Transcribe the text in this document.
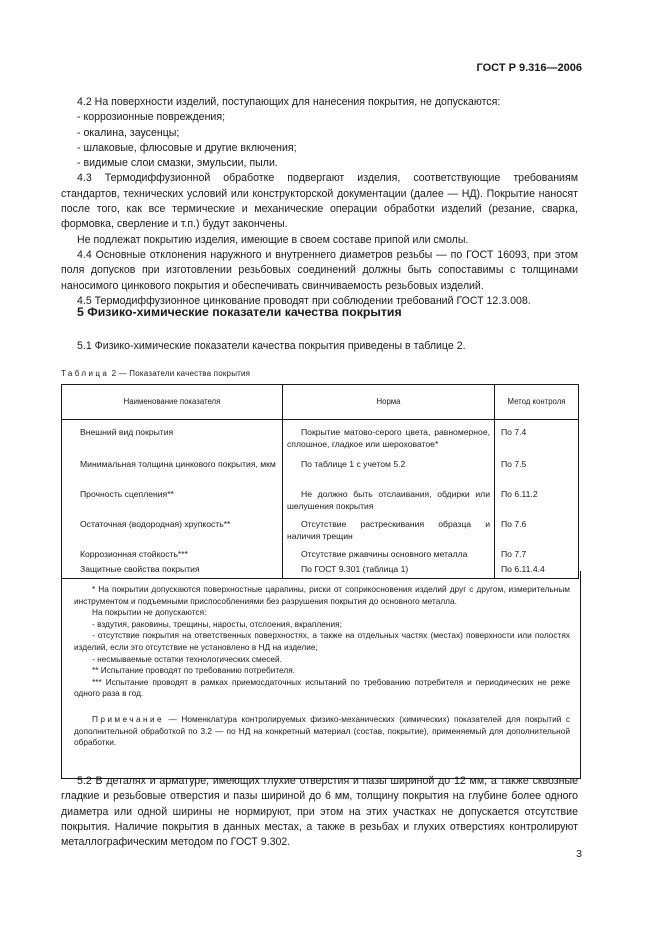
ГОСТ Р 9.316—2006

4.2 На поверхности изделий, поступающих для нанесения покрытия, не допускаются:

- коррозионные повреждения;

- окалина, заусенцы;

- шлаковые, флюсовые и другие включения;

- видимые слои смазки, эмульсии, пыли.

4.3 Термодиффузионной обработке подвергают изделия, соответствующие требованиям стандартов, технических условий или конструкторской документации (далее — НД). Покрытие наносят после того, как все термические и механические операции обработки изделий (резание, сварка, формовка, сверление и т.п.) будут закончены.

Не подлежат покрытию изделия, имеющие в своем составе припой или смолы.

4.4 Основные отклонения наружного и внутреннего диаметров резьбы — по ГОСТ 16093, при этом поля допусков при изготовлении резьбовых соединений должны быть сопоставимы с толщинами наносимого цинкового покрытия и обеспечивать свинчиваемость резьбовых изделий.

4.5 Термодиффузионное цинкование проводят при соблюдении требований ГОСТ 12.3.008.

5 Физико-химические показатели качества покрытия

5.1 Физико-химические показатели качества покрытия приведены в таблице 2.

Таблица 2 — Показатели качества покрытия
Наименование показателя	Норма	Метод контроля

Внешний вид покрытия	Покрытие матово-серого цвета, равномерное, сплошное, гладкое или шероховатое*	По 7.4

Минимальная толщина цинкового покрытия, мкм	По таблице 1 с учетом 5.2	По 7.5

Прочность сцепления**	Не должно быть отслаивания, обдирки или шелушения покрытия	По 6.11.2

Остаточная (водородная) хрупкость**	Отсутствие растрескивания образца и наличия трещин	По 7.6

Коррозионная стойкость***	Отсутствие ржавчины основного металла	По 7.7

Защитные свойства покрытия	По ГОСТ 9.301 (таблица 1)	По 6.11.4.4

* На покрытии допускаются поверхностные царапины, риски от соприкосновения изделий друг с другом, измерительным инструментом и подъемными приспособлениями без разрушения покрытия до основного металла.

На покрытии не допускаются:

- вздутия, раковины, трещины, наросты, отслоения, вкрапления;

- отсутствие покрытия на ответственных поверхностях, а также на отдельных частях (местах) поверхности или полостях изделий, если это отсутствие не установлено в НД на изделие;

- несмываемые остатки технологических смесей.

** Испытание проводят по требованию потребителя.

*** Испытание проводят в рамках приемосдаточных испытаний по требованию потребителя и периодических не реже одного раза в год.

Примечание — Номенклатура контролируемых физико-механических (химических) показателей для покрытий с дополнительной обработкой по 3.2 — по НД на конкретный материал (состав, покрытие), применяемый для дополнительной обработки.

5.2 В деталях и арматуре, имеющих глухие отверстия и пазы шириной до 12 мм, а также сквозные гладкие и резьбовые отверстия и пазы шириной до 6 мм, толщину покрытия на глубине более одного диаметра или одной ширины не нормируют, при этом на этих участках не допускается отсутствие покрытия. Наличие покрытия в данных местах, а также в резьбах и глухих отверстиях контролируют металлографическим методом по ГОСТ 9.302.

3
